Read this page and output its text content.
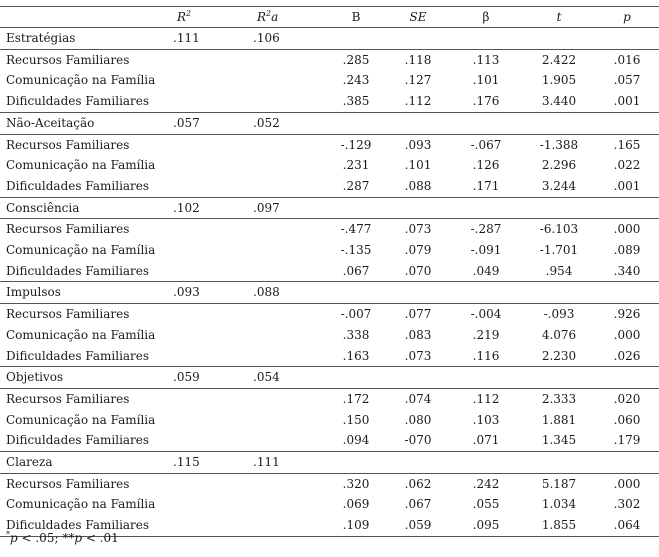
	$R^2$	$R^2a$	B	SE	β	t	p
Estratégias	.111	.106					
Recursos Familiares			.285	.118	.113	2.422	.016
Comunicação na Família			.243	.127	.101	1.905	.057
Dificuldades Familiares			.385	.112	.176	3.440	.001
Não-Aceitação	.057	.052					
Recursos Familiares			-.129	.093	-.067	-1.388	.165
Comunicação na Família			.231	.101	.126	2.296	.022
Dificuldades Familiares			.287	.088	.171	3.244	.001
Consciência	.102	.097					
Recursos Familiares			-.477	.073	-.287	-6.103	.000
Comunicação na Família			-.135	.079	-.091	-1.701	.089
Dificuldades Familiares			.067	.070	.049	.954	.340
Impulsos	.093	.088					
Recursos Familiares			-.007	.077	-.004	-.093	.926
Comunicação na Família			.338	.083	.219	4.076	.000
Dificuldades Familiares			.163	.073	.116	2.230	.026
Objetivos	.059	.054					
Recursos Familiares			.172	.074	.112	2.333	.020
Comunicação na Família			.150	.080	.103	1.881	.060
Dificuldades Familiares			.094	-070	.071	1.345	.179
Clareza	.115	.111					
Recursos Familiares			.320	.062	.242	5.187	.000
Comunicação na Família			.069	.067	.055	1.034	.302
Dificuldades Familiares			.109	.059	.095	1.855	.064
*p < .05; **p < .01
